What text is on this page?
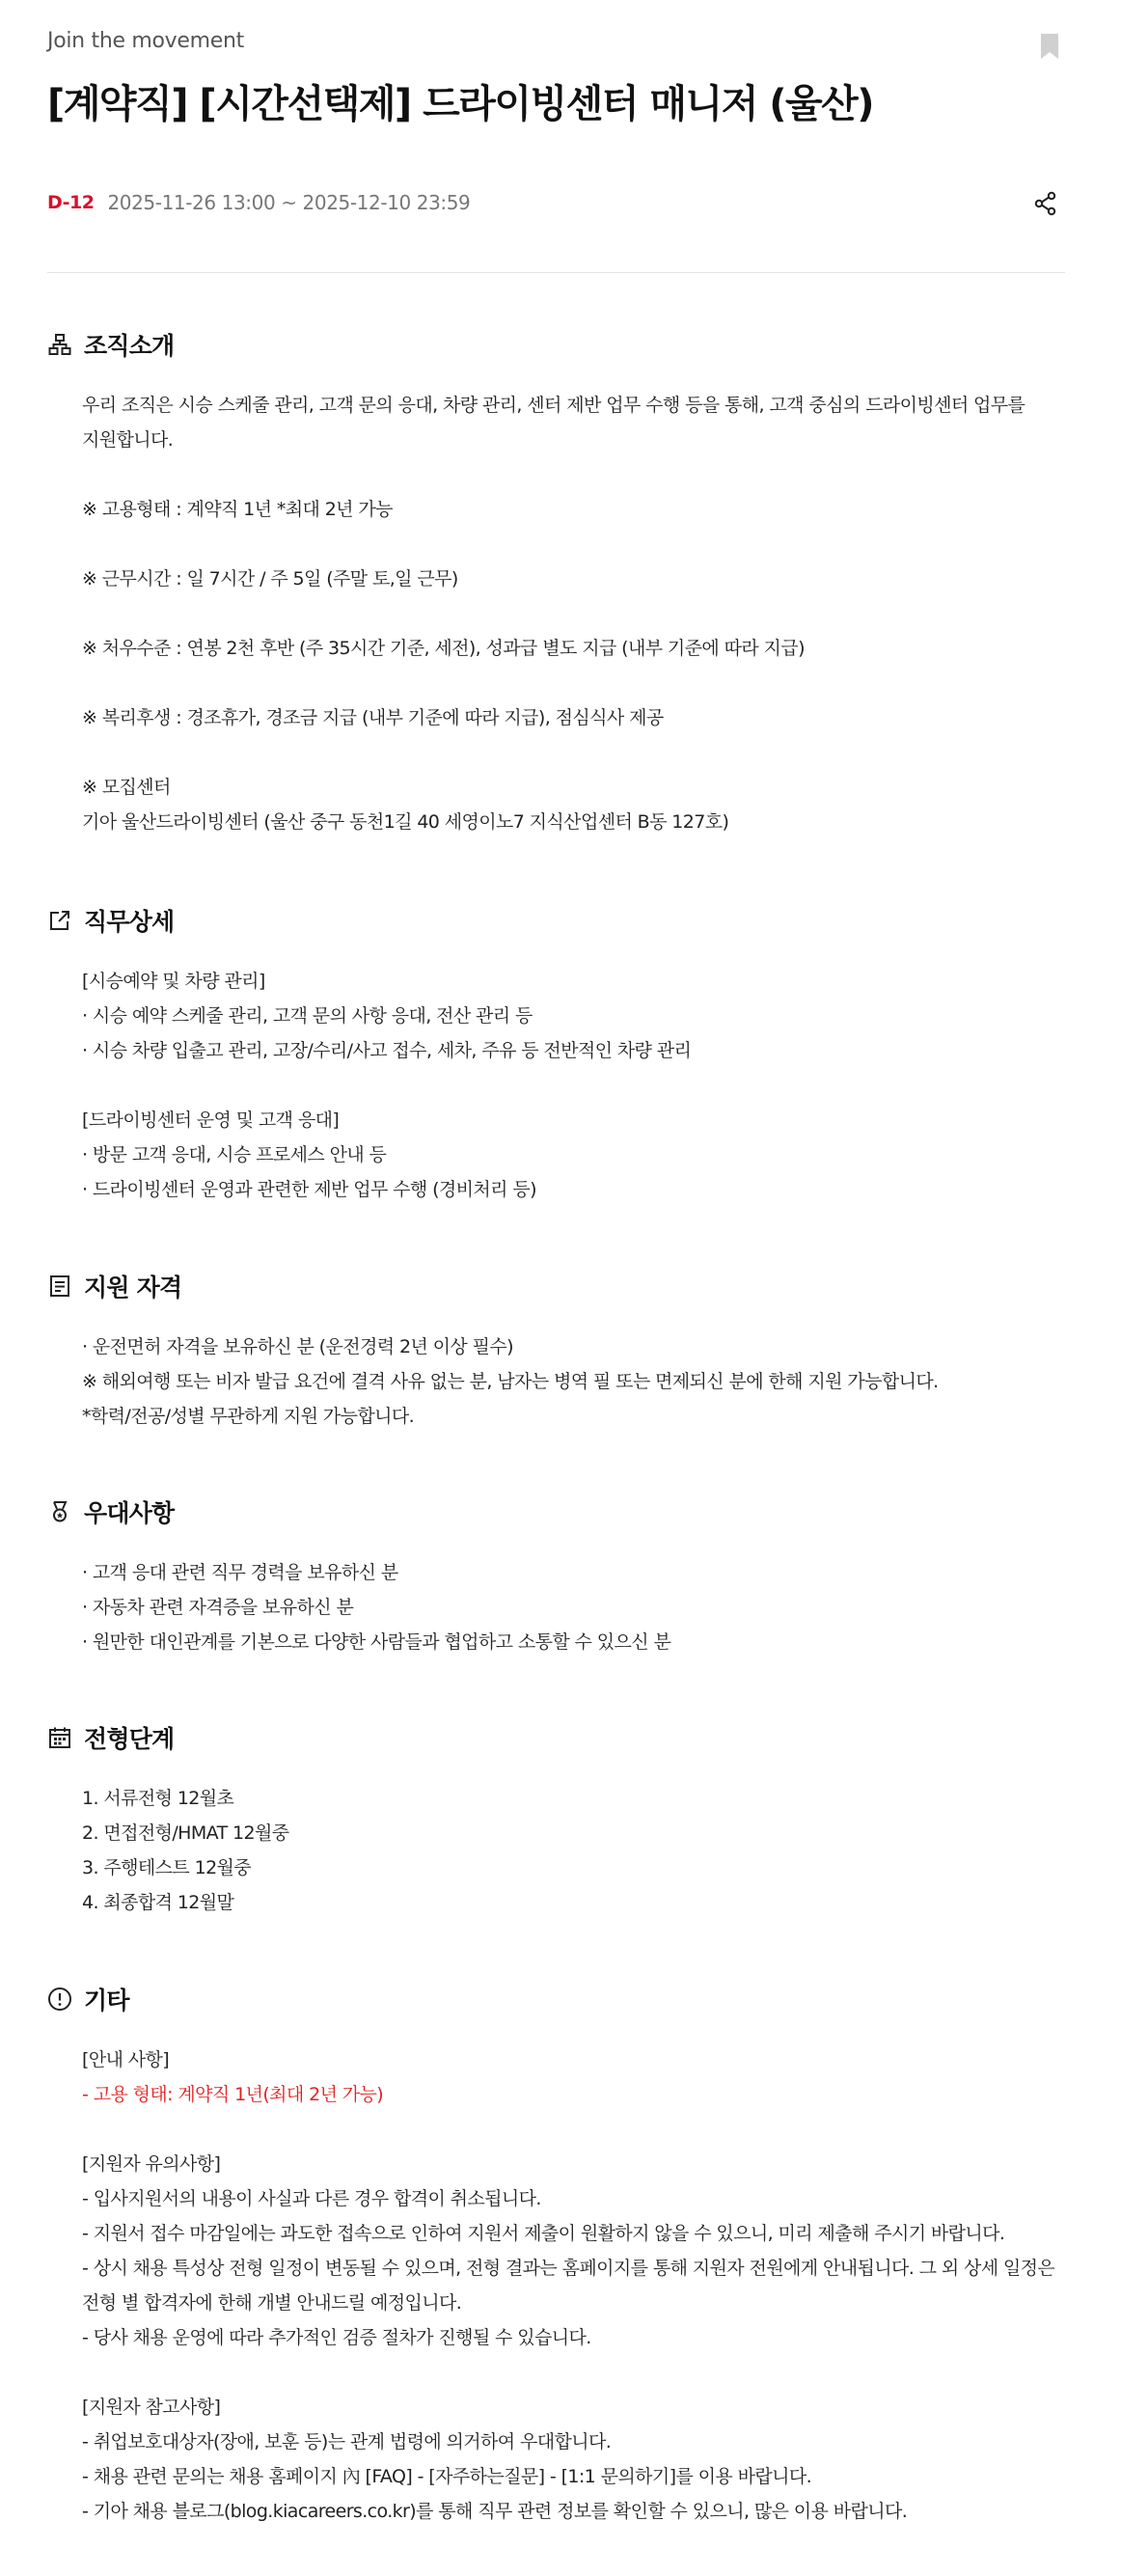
Join the movement
[계약직] [시간선택제] 드라이빙센터 매니저 (울산)
D-12 2025-11-26 13:00 ~ 2025-12-10 23:59
조직소개
우리 조직은 시승 스케줄 관리, 고객 문의 응대, 차량 관리, 센터 제반 업무 수행 등을 통해, 고객 중심의 드라이빙센터 업무를 지원합니다.
※ 고용형태 : 계약직 1년 *최대 2년 가능
※ 근무시간 : 일 7시간 / 주 5일 (주말 토,일 근무)
※ 처우수준 : 연봉 2천 후반 (주 35시간 기준, 세전), 성과급 별도 지급 (내부 기준에 따라 지급)
※ 복리후생 : 경조휴가, 경조금 지급 (내부 기준에 따라 지급), 점심식사 제공
※ 모집센터
기아 울산드라이빙센터 (울산 중구 동천1길 40 세영이노7 지식산업센터 B동 127호)
직무상세
[시승예약 및 차량 관리]
· 시승 예약 스케줄 관리, 고객 문의 사항 응대, 전산 관리 등
· 시승 차량 입출고 관리, 고장/수리/사고 접수, 세차, 주유 등 전반적인 차량 관리
[드라이빙센터 운영 및 고객 응대]
· 방문 고객 응대, 시승 프로세스 안내 등
· 드라이빙센터 운영과 관련한 제반 업무 수행 (경비처리 등)
지원 자격
· 운전면허 자격을 보유하신 분 (운전경력 2년 이상 필수)
※ 해외여행 또는 비자 발급 요건에 결격 사유 없는 분, 남자는 병역 필 또는 면제되신 분에 한해 지원 가능합니다.
*학력/전공/성별 무관하게 지원 가능합니다.
우대사항
· 고객 응대 관련 직무 경력을 보유하신 분
· 자동차 관련 자격증을 보유하신 분
· 원만한 대인관계를 기본으로 다양한 사람들과 협업하고 소통할 수 있으신 분
전형단계
1. 서류전형 12월초
2. 면접전형/HMAT 12월중
3. 주행테스트 12월중
4. 최종합격 12월말
기타
[안내 사항]
- 고용 형태: 계약직 1년(최대 2년 가능)
[지원자 유의사항]
- 입사지원서의 내용이 사실과 다른 경우 합격이 취소됩니다.
- 지원서 접수 마감일에는 과도한 접속으로 인하여 지원서 제출이 원활하지 않을 수 있으니, 미리 제출해 주시기 바랍니다.
- 상시 채용 특성상 전형 일정이 변동될 수 있으며, 전형 결과는 홈페이지를 통해 지원자 전원에게 안내됩니다. 그 외 상세 일정은 전형 별 합격자에 한해 개별 안내드릴 예정입니다.
- 당사 채용 운영에 따라 추가적인 검증 절차가 진행될 수 있습니다.
[지원자 참고사항]
- 취업보호대상자(장애, 보훈 등)는 관계 법령에 의거하여 우대합니다.
- 채용 관련 문의는 채용 홈페이지 內 [FAQ] - [자주하는질문] - [1:1 문의하기]를 이용 바랍니다.
- 기아 채용 블로그(blog.kiacareers.co.kr)를 통해 직무 관련 정보를 확인할 수 있으니, 많은 이용 바랍니다.
